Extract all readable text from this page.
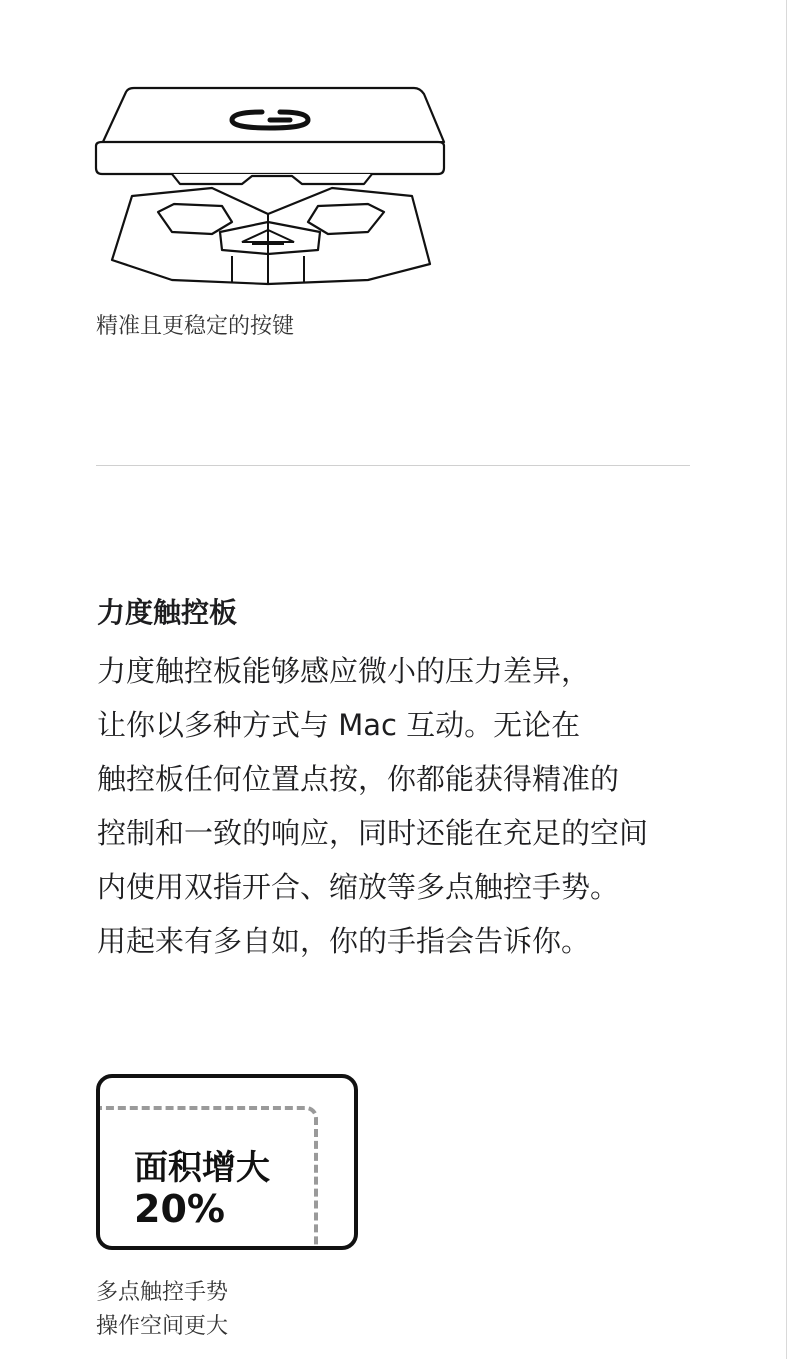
精准且更稳定的按键
力度触控板
力度触控板能够感应微小的压力差异，
让你以多种方式与 Mac 互动。无论在
触控板任何位置点按，你都能获得精准的
控制和一致的响应，同时还能在充足的空间
内使用双指开合、缩放等多点触控手势。
用起来有多自如，你的手指会告诉你。
面积增大
20%
多点触控手势
操作空间更大
